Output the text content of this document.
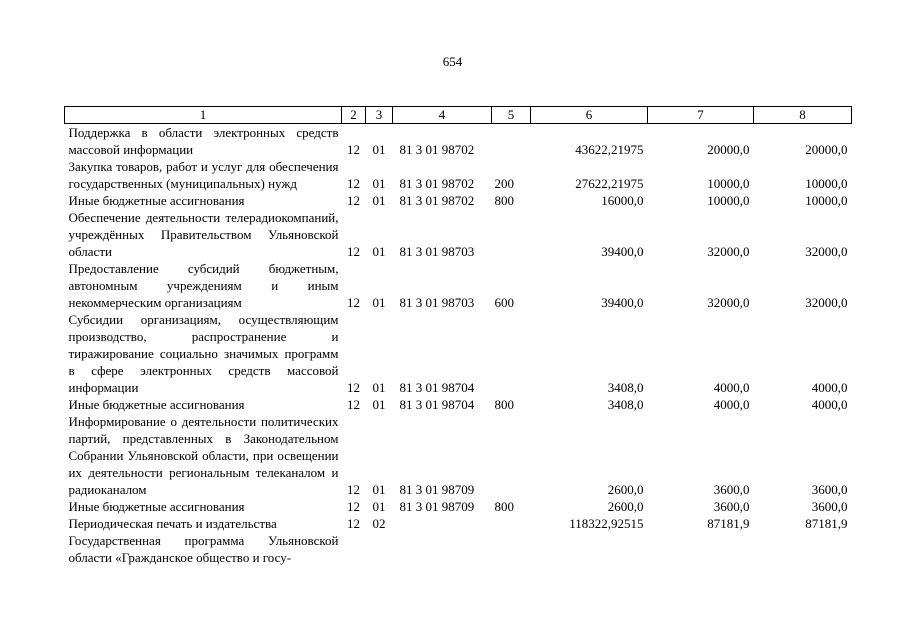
654
1	2	3	4	5	6	7	8
Поддержка в области электронных средств массовой информации	12	01	81 3 01 98702		43622,21975	20000,0	20000,0
Закупка товаров, работ и услуг для обеспечения государственных (муниципальных) нужд	12	01	81 3 01 98702	200	27622,21975	10000,0	10000,0
Иные бюджетные ассигнования	12	01	81 3 01 98702	800	16000,0	10000,0	10000,0
Обеспечение деятельности телерадиокомпаний, учреждённых Правительством Ульяновской области	12	01	81 3 01 98703		39400,0	32000,0	32000,0
Предоставление субсидий бюджетным, автономным учреждениям и иным некоммерческим организациям	12	01	81 3 01 98703	600	39400,0	32000,0	32000,0
Субсидии организациям, осуществляющим производство, распространение и тиражирование социально значимых программ в сфере электронных средств массовой информации	12	01	81 3 01 98704		3408,0	4000,0	4000,0
Иные бюджетные ассигнования	12	01	81 3 01 98704	800	3408,0	4000,0	4000,0
Информирование о деятельности политических партий, представленных в Законодательном Собрании Ульяновской области, при освещении их деятельности региональным телеканалом и радиоканалом	12	01	81 3 01 98709		2600,0	3600,0	3600,0
Иные бюджетные ассигнования	12	01	81 3 01 98709	800	2600,0	3600,0	3600,0
Периодическая печать и издательства	12	02			118322,92515	87181,9	87181,9
Государственная программа Ульяновской области «Гражданское общество и госу-							
